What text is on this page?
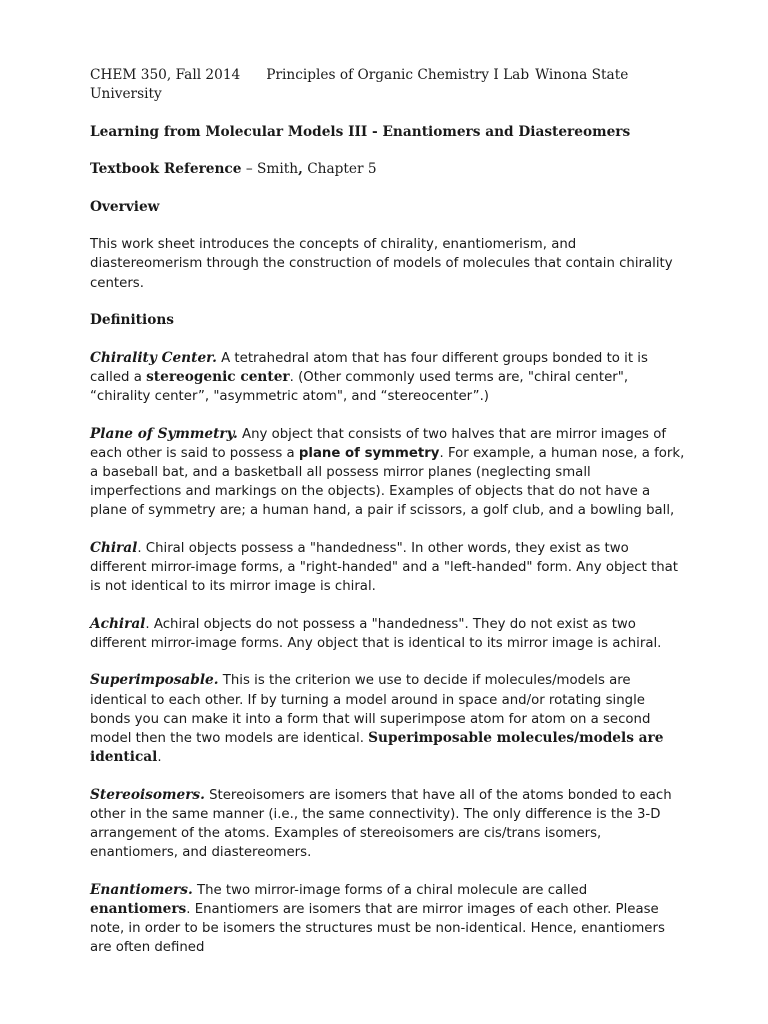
CHEM 350, Fall 2014 Principles of Organic Chemistry I Lab Winona State
University

Learning from Molecular Models III - Enantiomers and Diastereomers

Textbook Reference – Smith, Chapter 5

Overview

This work sheet introduces the concepts of chirality, enantiomerism, and diastereomerism through the construction of models of molecules that contain chirality centers.

Definitions

Chirality Center. A tetrahedral atom that has four different groups bonded to it is called a stereogenic center. (Other commonly used terms are, "chiral center", “chirality center”, "asymmetric atom", and “stereocenter”.)

Plane of Symmetry. Any object that consists of two halves that are mirror images of each other is said to possess a plane of symmetry. For example, a human nose, a fork, a baseball bat, and a basketball all possess mirror planes (neglecting small imperfections and markings on the objects). Examples of objects that do not have a plane of symmetry are; a human hand, a pair if scissors, a golf club, and a bowling ball,

Chiral. Chiral objects possess a "handedness". In other words, they exist as two different mirror-image forms, a "right-handed" and a "left-handed" form. Any object that is not identical to its mirror image is chiral.

Achiral. Achiral objects do not possess a "handedness". They do not exist as two different mirror-image forms. Any object that is identical to its mirror image is achiral.

Superimposable. This is the criterion we use to decide if molecules/models are identical to each other. If by turning a model around in space and/or rotating single bonds you can make it into a form that will superimpose atom for atom on a second model then the two models are identical. Superimposable molecules/models are identical.

Stereoisomers. Stereoisomers are isomers that have all of the atoms bonded to each other in the same manner (i.e., the same connectivity). The only difference is the 3-D arrangement of the atoms. Examples of stereoisomers are cis/trans isomers, enantiomers, and diastereomers.

Enantiomers. The two mirror-image forms of a chiral molecule are called enantiomers. Enantiomers are isomers that are mirror images of each other. Please note, in order to be isomers the structures must be non-identical. Hence, enantiomers are often defined
